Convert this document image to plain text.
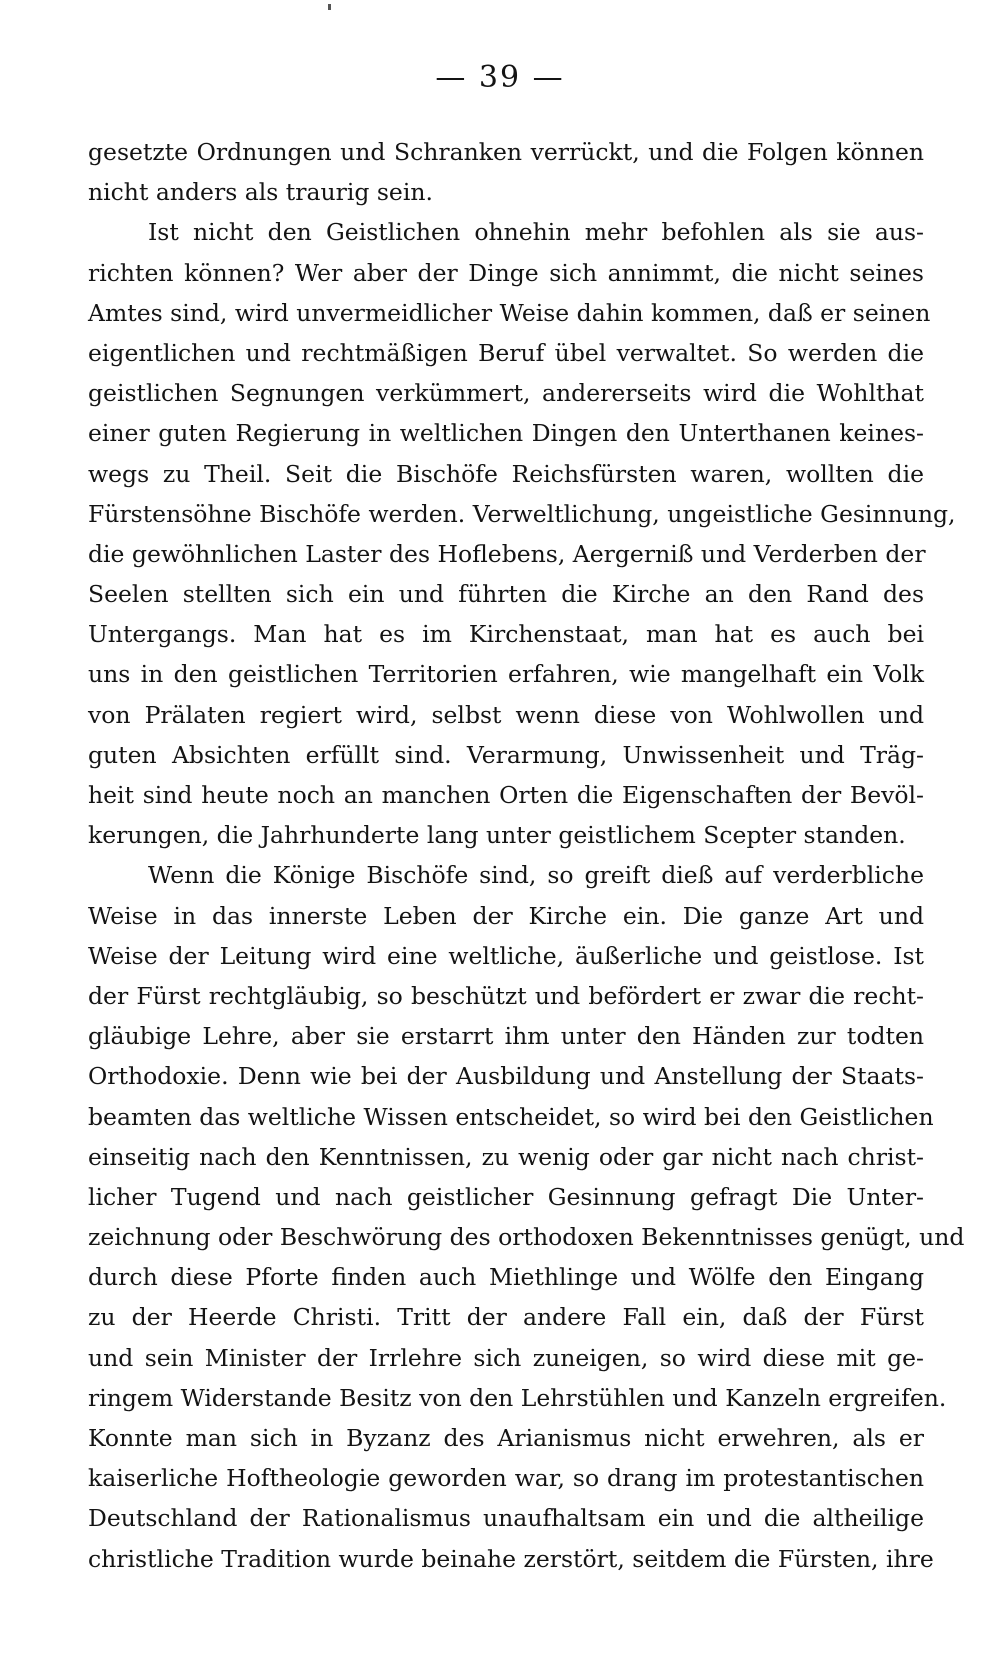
— 39 —
gesetzte Ordnungen und Schranken verrückt, und die Folgen können
nicht anders als traurig sein.
Ist nicht den Geistlichen ohnehin mehr befohlen als sie aus-
richten können? Wer aber der Dinge sich annimmt, die nicht seines
Amtes sind, wird unvermeidlicher Weise dahin kommen, daß er seinen
eigentlichen und rechtmäßigen Beruf übel verwaltet. So werden die
geistlichen Segnungen verkümmert, andererseits wird die Wohlthat
einer guten Regierung in weltlichen Dingen den Unterthanen keines-
wegs zu Theil. Seit die Bischöfe Reichsfürsten waren, wollten die
Fürstensöhne Bischöfe werden. Verweltlichung, ungeistliche Gesinnung,
die gewöhnlichen Laster des Hoflebens, Aergerniß und Verderben der
Seelen stellten sich ein und führten die Kirche an den Rand des
Untergangs. Man hat es im Kirchenstaat, man hat es auch bei
uns in den geistlichen Territorien erfahren, wie mangelhaft ein Volk
von Prälaten regiert wird, selbst wenn diese von Wohlwollen und
guten Absichten erfüllt sind. Verarmung, Unwissenheit und Träg-
heit sind heute noch an manchen Orten die Eigenschaften der Bevöl-
kerungen, die Jahrhunderte lang unter geistlichem Scepter standen.
Wenn die Könige Bischöfe sind, so greift dieß auf verderbliche
Weise in das innerste Leben der Kirche ein. Die ganze Art und
Weise der Leitung wird eine weltliche, äußerliche und geistlose. Ist
der Fürst rechtgläubig, so beschützt und befördert er zwar die recht-
gläubige Lehre, aber sie erstarrt ihm unter den Händen zur todten
Orthodoxie. Denn wie bei der Ausbildung und Anstellung der Staats-
beamten das weltliche Wissen entscheidet, so wird bei den Geistlichen
einseitig nach den Kenntnissen, zu wenig oder gar nicht nach christ-
licher Tugend und nach geistlicher Gesinnung gefragt Die Unter-
zeichnung oder Beschwörung des orthodoxen Bekenntnisses genügt, und
durch diese Pforte finden auch Miethlinge und Wölfe den Eingang
zu der Heerde Christi. Tritt der andere Fall ein, daß der Fürst
und sein Minister der Irrlehre sich zuneigen, so wird diese mit ge-
ringem Widerstande Besitz von den Lehrstühlen und Kanzeln ergreifen.
Konnte man sich in Byzanz des Arianismus nicht erwehren, als er
kaiserliche Hoftheologie geworden war, so drang im protestantischen
Deutschland der Rationalismus unaufhaltsam ein und die altheilige
christliche Tradition wurde beinahe zerstört, seitdem die Fürsten, ihre
